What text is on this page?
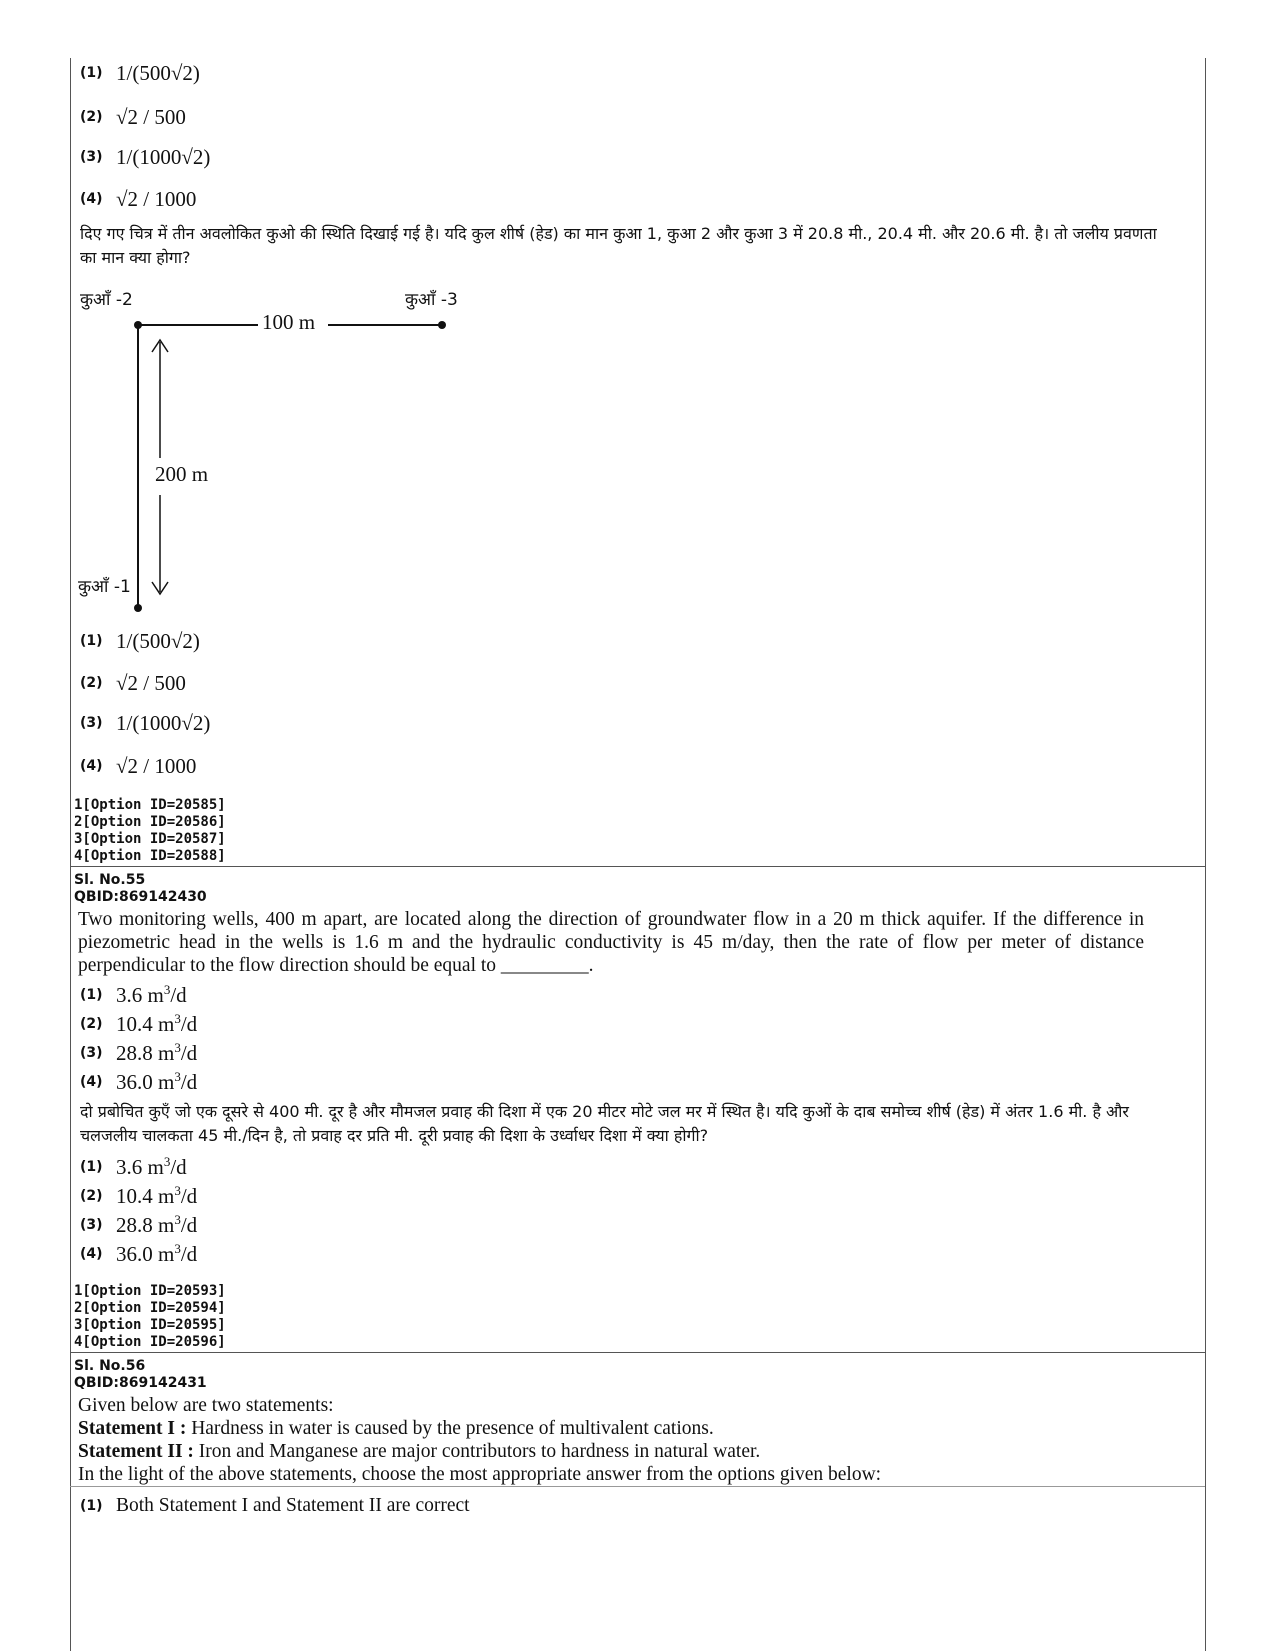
(1) 1/(500√2)
(2) √2 / 500
(3) 1/(1000√2)
(4) √2 / 1000
दिए गए चित्र में तीन अवलोकित कुओ की स्थिति दिखाई गई है। यदि कुल शीर्ष (हेड) का मान कुआ 1, कुआ 2 और कुआ 3 में 20.8 मी., 20.4 मी. और 20.6 मी. है। तो जलीय प्रवणता का मान क्या होगा?
कुआँ -2	कुआँ -3
100 m
200 m
कुआँ -1
(1) 1/(500√2)
(2) √2 / 500
(3) 1/(1000√2)
(4) √2 / 1000
1[Option ID=20585]
2[Option ID=20586]
3[Option ID=20587]
4[Option ID=20588]
Sl. No.55
QBID:869142430
Two monitoring wells, 400 m apart, are located along the direction of groundwater flow in a 20 m thick aquifer. If the difference in piezometric head in the wells is 1.6 m and the hydraulic conductivity is 45 m/day, then the rate of flow per meter of distance perpendicular to the flow direction should be equal to _________.
(1) 3.6 $m^3/d$
(2) 10.4 $m^3/d$
(3) 28.8 $m^3/d$
(4) 36.0 $m^3/d$
दो प्रबोचित कुएँ जो एक दूसरे से 400 मी. दूर है और मौमजल प्रवाह की दिशा में एक 20 मीटर मोटे जल मर में स्थित है। यदि कुओं के दाब समोच्च शीर्ष (हेड) में अंतर 1.6 मी. है और चलजलीय चालकता 45 मी./दिन है, तो प्रवाह दर प्रति मी. दूरी प्रवाह की दिशा के उर्ध्वाधर दिशा में क्या होगी?
(1) 3.6 $m^3/d$
(2) 10.4 $m^3/d$
(3) 28.8 $m^3/d$
(4) 36.0 $m^3/d$
1[Option ID=20593]
2[Option ID=20594]
3[Option ID=20595]
4[Option ID=20596]
Sl. No.56
QBID:869142431
Given below are two statements:
Statement I : Hardness in water is caused by the presence of multivalent cations.
Statement II : Iron and Manganese are major contributors to hardness in natural water.
In the light of the above statements, choose the most appropriate answer from the options given below:
(1) Both Statement I and Statement II are correct
